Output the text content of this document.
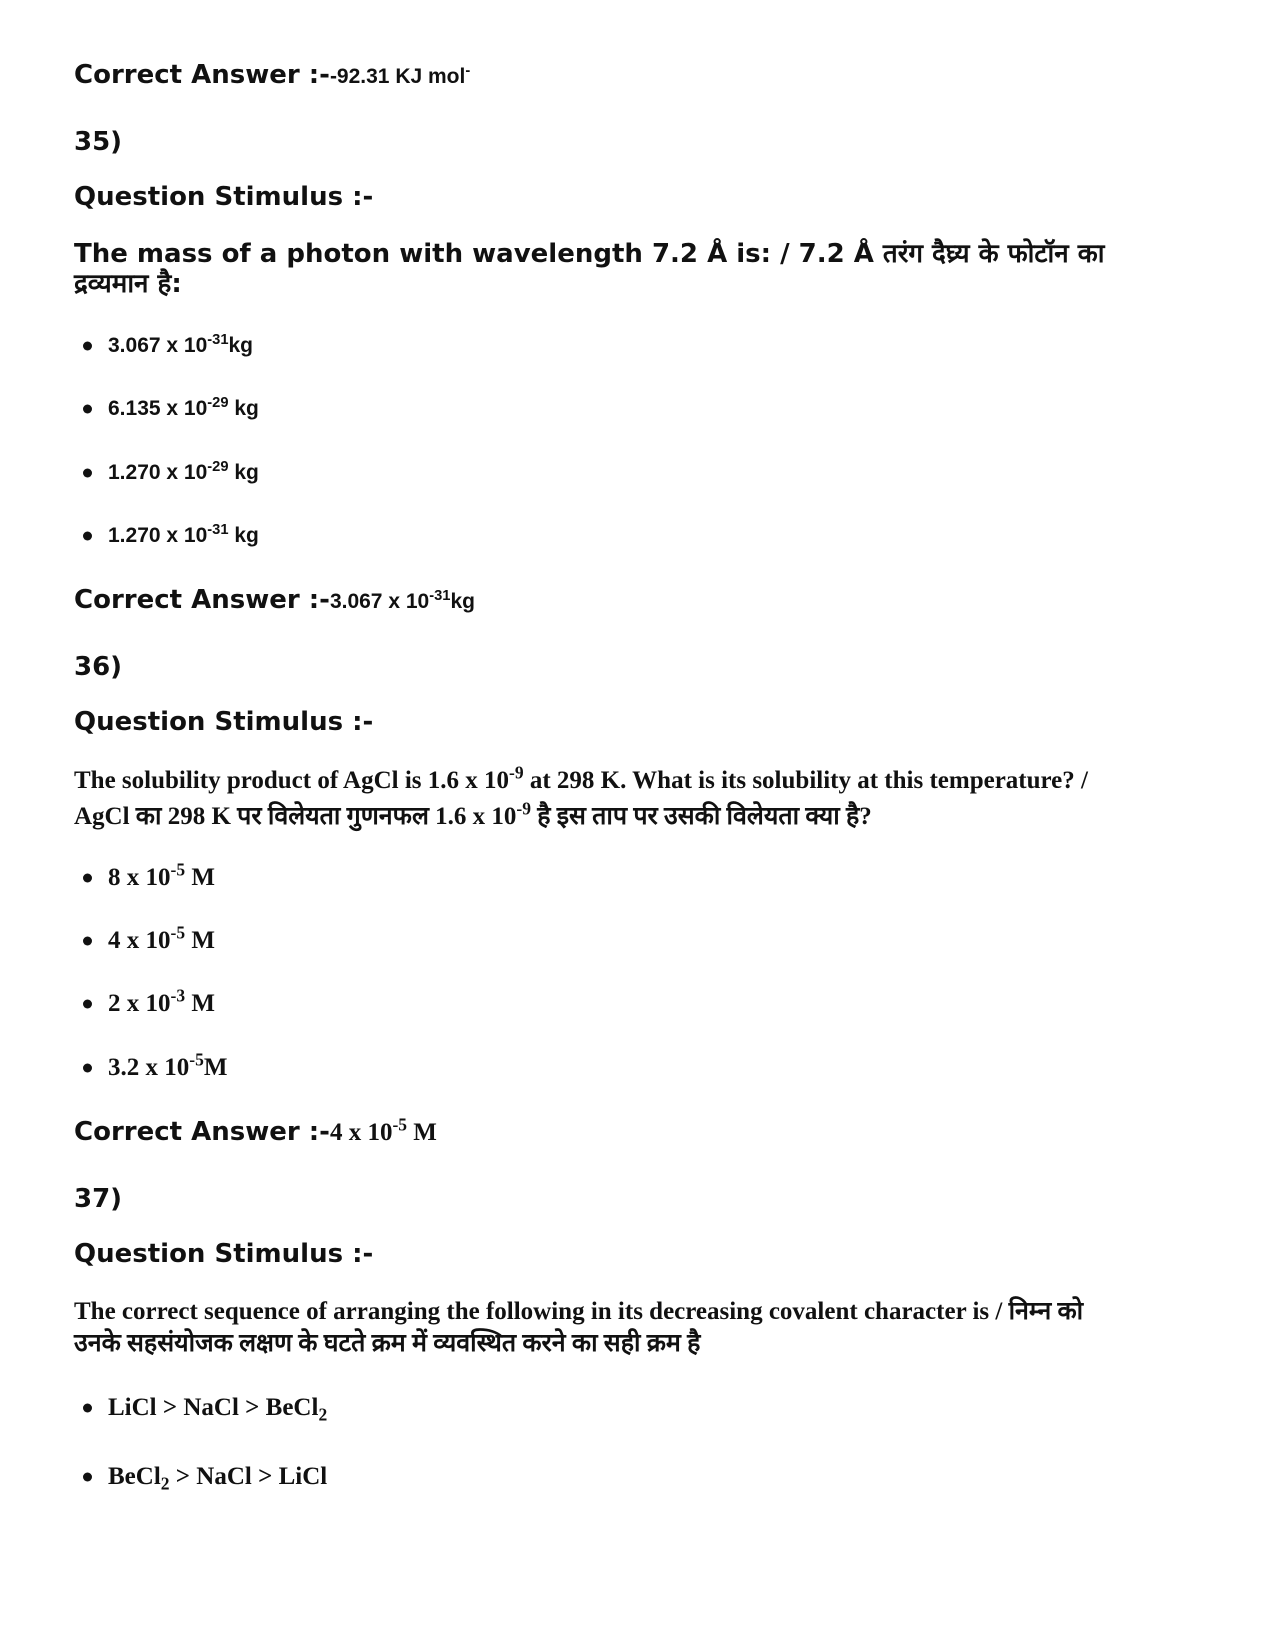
Correct Answer :--92.31 KJ mol-
35)
Question Stimulus :-
The mass of a photon with wavelength 7.2 Å is: / 7.2 Å तरंग दैघ्र्य के फोटॉन का
द्रव्यमान है:
3.067 x $10^{-31}kg$
6.135 x $10^{-29}$ kg
1.270 x $10^{-29}$ kg
1.270 x $10^{-31}$ kg
Correct Answer :-3.067 x $10^{-31}kg$
36)
Question Stimulus :-
The solubility product of AgCl is 1.6 x $10^{-9}$ at 298 K. What is its solubility at this temperature? /
AgCl का 298 K पर विलेयता गुणनफल 1.6 x $10^{-9}$ है इस ताप पर उसकी विलेयता क्या है?
8 x $10^{-5}$ M
4 x $10^{-5}$ M
2 x $10^{-3}$ M
3.2 x $10^{-5}M$
Correct Answer :-4 x $10^{-5}$ M
37)
Question Stimulus :-
The correct sequence of arranging the following in its decreasing covalent character is / निम्न को
उनके सहसंयोजक लक्षण के घटते क्रम में व्यवस्थित करने का सही क्रम है
LiCl > NaCl > BeCl$_2$
BeCl$_2$ > NaCl > LiCl
